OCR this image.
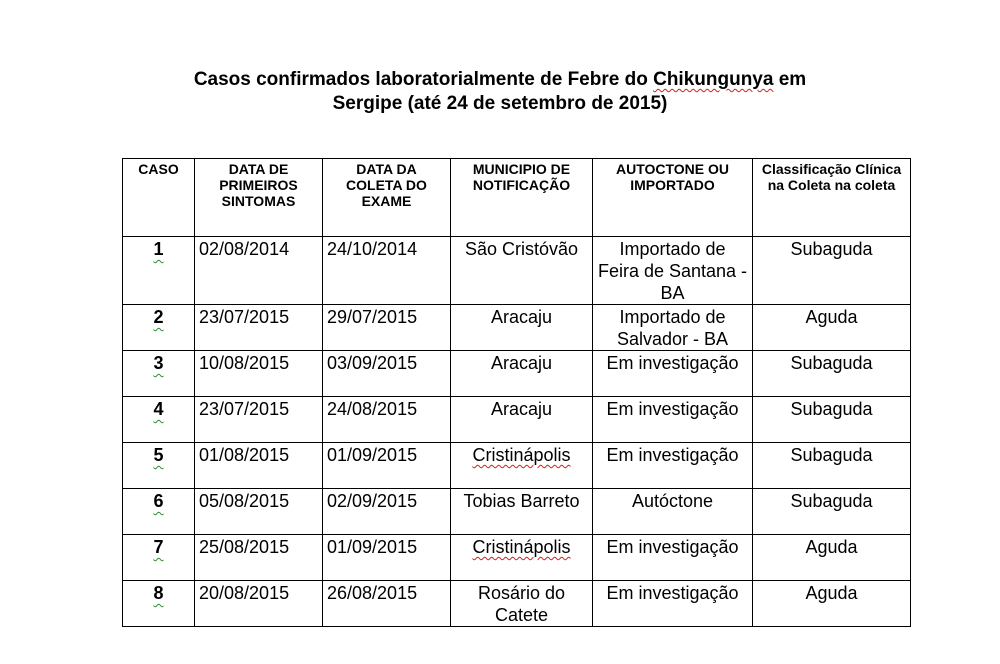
Casos confirmados laboratorialmente de Febre do Chikungunya em
Sergipe (até 24 de setembro de 2015)
CASO	DATA DE PRIMEIROS SINTOMAS	DATA DA COLETA DO EXAME	MUNICIPIO DE NOTIFICAÇÃO	AUTOCTONE OU IMPORTADO	Classificação Clínica na Coleta na coleta
1	02/08/2014	24/10/2014	São Cristóvão	Importado de Feira de Santana - BA	Subaguda
2	23/07/2015	29/07/2015	Aracaju	Importado de Salvador - BA	Aguda
3	10/08/2015	03/09/2015	Aracaju	Em investigação	Subaguda
4	23/07/2015	24/08/2015	Aracaju	Em investigação	Subaguda
5	01/08/2015	01/09/2015	Cristinápolis	Em investigação	Subaguda
6	05/08/2015	02/09/2015	Tobias Barreto	Autóctone	Subaguda
7	25/08/2015	01/09/2015	Cristinápolis	Em investigação	Aguda
8	20/08/2015	26/08/2015	Rosário do Catete	Em investigação	Aguda
